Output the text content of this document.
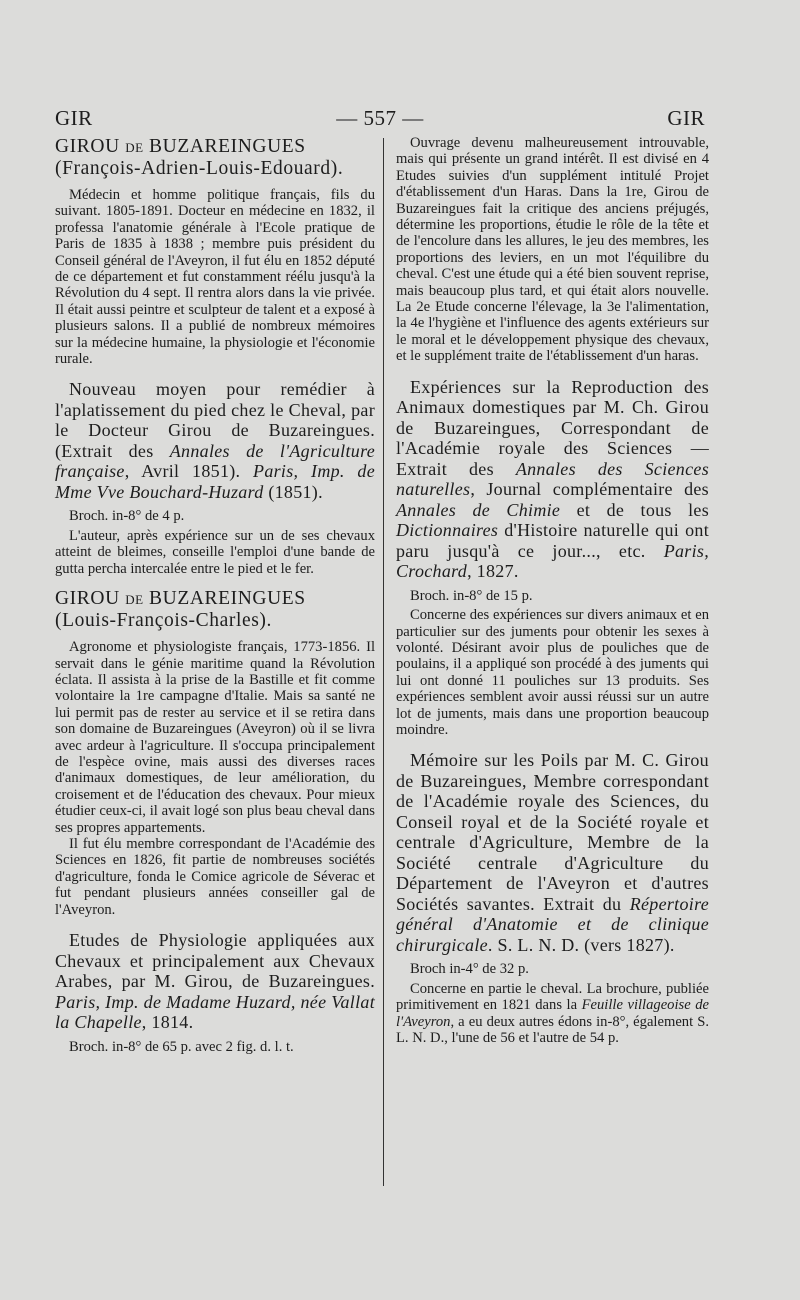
GIR	— 557 —	GIR
GIROU DE BUZAREINGUES
(François-Adrien-Louis-Edouard).

Médecin et homme politique français, fils du suivant. 1805-1891. Docteur en médecine en 1832, il professa l'anatomie générale à l'Ecole pratique de Paris de 1835 à 1838 ; membre puis président du Conseil général de l'Aveyron, il fut élu en 1852 député de ce département et fut constamment réélu jusqu'à la Révolution du 4 sept. Il rentra alors dans la vie privée. Il était aussi peintre et sculpteur de talent et a exposé à plusieurs salons. Il a publié de nombreux mémoires sur la médecine humaine, la physiologie et l'économie rurale.

Nouveau moyen pour remédier à l'aplatissement du pied chez le Cheval, par le Docteur Girou de Buzareingues. (Extrait des Annales de l'Agriculture française, Avril 1851). Paris, Imp. de Mme Vve Bouchard-Huzard (1851).
Broch. in-8° de 4 p.

L'auteur, après expérience sur un de ses chevaux atteint de bleimes, conseille l'emploi d'une bande de gutta percha intercalée entre le pied et le fer.

GIROU DE BUZAREINGUES
(Louis-François-Charles).

Agronome et physiologiste français, 1773-1856. Il servait dans le génie maritime quand la Révolution éclata. Il assista à la prise de la Bastille et fit comme volontaire la 1re campagne d'Italie. Mais sa santé ne lui permit pas de rester au service et il se retira dans son domaine de Buzareingues (Aveyron) où il se livra avec ardeur à l'agriculture. Il s'occupa principalement de l'espèce ovine, mais aussi des diverses races d'animaux domestiques, de leur amélioration, du croisement et de l'éducation des chevaux. Pour mieux étudier ceux-ci, il avait logé son plus beau cheval dans ses propres appartements.

Il fut élu membre correspondant de l'Académie des Sciences en 1826, fit partie de nombreuses sociétés d'agriculture, fonda le Comice agricole de Séverac et fut pendant plusieurs années conseiller gal de l'Aveyron.

Etudes de Physiologie appliquées aux Chevaux et principalement aux Chevaux Arabes, par M. Girou, de Buzareingues. Paris, Imp. de Madame Huzard, née Vallat la Chapelle, 1814.
Broch. in-8° de 65 p. avec 2 fig. d. l. t.

Ouvrage devenu malheureusement introuvable, mais qui présente un grand intérêt. Il est divisé en 4 Etudes suivies d'un supplément intitulé Projet d'établissement d'un Haras. Dans la 1re, Girou de Buzareingues fait la critique des anciens préjugés, détermine les proportions, étudie le rôle de la tête et de l'encolure dans les allures, le jeu des membres, les proportions des leviers, en un mot l'équilibre du cheval. C'est une étude qui a été bien souvent reprise, mais beaucoup plus tard, et qui était alors nouvelle. La 2e Etude concerne l'élevage, la 3e l'alimentation, la 4e l'hygiène et l'influence des agents extérieurs sur le moral et le développement physique des chevaux, et le supplément traite de l'établissement d'un haras.

Expériences sur la Reproduction des Animaux domestiques par M. Ch. Girou de Buzareingues, Correspondant de l'Académie royale des Sciences — Extrait des Annales des Sciences naturelles, Journal complémentaire des Annales de Chimie et de tous les Dictionnaires d'Histoire naturelle qui ont paru jusqu'à ce jour..., etc. Paris, Crochard, 1827.
Broch. in-8° de 15 p.

Concerne des expériences sur divers animaux et en particulier sur des juments pour obtenir les sexes à volonté. Désirant avoir plus de pouliches que de poulains, il a appliqué son procédé à des juments qui lui ont donné 11 pouliches sur 13 produits. Ses expériences semblent avoir aussi réussi sur un autre lot de juments, mais dans une proportion beaucoup moindre.

Mémoire sur les Poils par M. C. Girou de Buzareingues, Membre correspondant de l'Académie royale des Sciences, du Conseil royal et de la Société royale et centrale d'Agriculture, Membre de la Société centrale d'Agriculture du Département de l'Aveyron et d'autres Sociétés savantes. Extrait du Répertoire général d'Anatomie et de clinique chirurgicale. S. L. N. D. (vers 1827).
Broch in-4° de 32 p.

Concerne en partie le cheval. La brochure, publiée primitivement en 1821 dans la Feuille villageoise de l'Aveyron, a eu deux autres édons in-8°, également S. L. N. D., l'une de 56 et l'autre de 54 p.
